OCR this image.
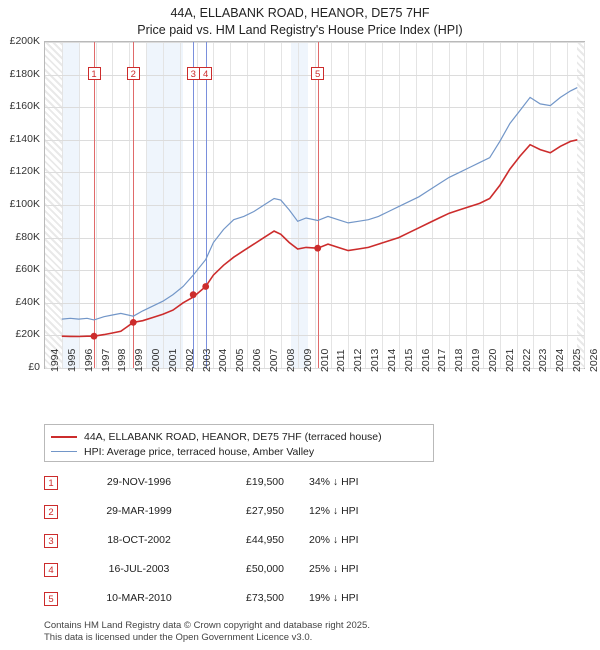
44A, ELLABANK ROAD, HEANOR, DE75 7HF
Price paid vs. HM Land Registry's House Price Index (HPI)
£0
£20K
£40K
£60K
£80K
£100K
£120K
£140K
£160K
£180K
£200K
1994 1995 1996 1997 1998 1999 2000 2001 2002 2003 2004 2005 2006 2007 2008 2009 2010 2011 2012 2013 2014 2015 2016 2017 2018 2019 2020 2021 2022 2023 2024 2025 2026
1	2	3 4	5
44A, ELLABANK ROAD, HEANOR, DE75 7HF (terraced house)
HPI: Average price, terraced house, Amber Valley
1	29-NOV-1996	£19,500 34% ↓ HPI
2	29-MAR-1999	£27,950 12% ↓ HPI
3	18-OCT-2002	£44,950 20% ↓ HPI
4	16-JUL-2003	£50,000 25% ↓ HPI
5	10-MAR-2010	£73,500 19% ↓ HPI
Contains HM Land Registry data © Crown copyright and database right 2025.
This data is licensed under the Open Government Licence v3.0.
